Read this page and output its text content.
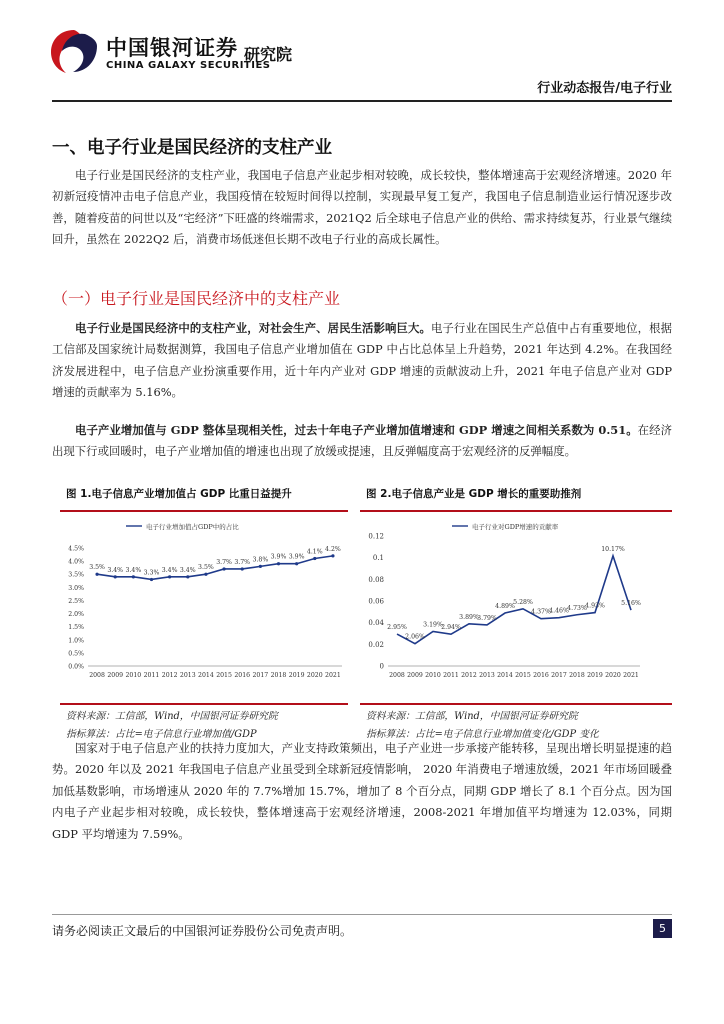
中国银河证券
CHINA GALAXY SECURITIES
研究院
行业动态报告/电子行业
一、电子行业是国民经济的支柱产业
电子行业是国民经济的支柱产业，我国电子信息产业起步相对较晚，成长较快，整体增速高于宏观经济增速。2020 年初新冠疫情冲击电子信息产业，我国疫情在较短时间得以控制，实现最早复工复产，我国电子信息制造业运行情况逐步改善，随着疫苗的问世以及“宅经济”下旺盛的终端需求，2021Q2 后全球电子信息产业的供给、需求持续复苏，行业景气继续回升，虽然在 2022Q2 后，消费市场低迷但长期不改电子行业的高成长属性。
（一）电子行业是国民经济中的支柱产业
电子行业是国民经济中的支柱产业，对社会生产、居民生活影响巨大。电子行业在国民生产总值中占有重要地位，根据工信部及国家统计局数据测算，我国电子信息产业增加值在 GDP 中占比总体呈上升趋势，2021 年达到 4.2%。在我国经济发展进程中，电子信息产业扮演重要作用，近十年内产业对 GDP 增速的贡献波动上升，2021 年电子信息产业对 GDP 增速的贡献率为 5.16%。
电子产业增加值与 GDP 整体呈现相关性，过去十年电子产业增加值增速和 GDP 增速之间相关系数为 0.51。在经济出现下行或回暖时，电子产业增加值的增速也出现了放缓或提速，且反弹幅度高于宏观经济的反弹幅度。
图 1.电子信息产业增加值占 GDP 比重日益提升	图 2.电子信息产业是 GDP 增长的重要助推剂
电子行业增加值占GDP中的占比
0.0%
0.5%
1.0%
1.5%
2.0%
2.5%
3.0%
3.5%
4.0%
4.5%
2008 2009 2010 2011 2012 2013 2014 2015 2016 2017 2018 2019 2020 2021
3.5% 3.4% 3.4% 3.3% 3.4% 3.4% 3.5%
3.7% 3.7% 3.8% 3.9% 3.9%
4.1% 4.2%
电子行业对GDP增速的贡献率
0
0.02
0.04
0.06
0.08
0.1
0.12
2008 2009 2010 2011 2012 2013 2014 2015 2016 2017 2018 2019 2020 2021
2.95%
2.06%
3.19%
2.94%
3.89%
3.79%
4.89%
5.28%
4.37%
4.46%
4.73%
4.93%
10.17%
5.16%
资料来源：工信部，Wind，中国银河证券研究院
指标算法：占比=电子信息行业增加值/GDP
资料来源：工信部，Wind，中国银河证券研究院
指标算法：占比=电子信息行业增加值变化/GDP 变化
国家对于电子信息产业的扶持力度加大，产业支持政策频出，电子产业进一步承接产能转移，呈现出增长明显提速的趋势。2020 年以及 2021 年我国电子信息产业虽受到全球新冠疫情影响， 2020 年消费电子增速放缓，2021 年市场回暖叠加低基数影响，市场增速从 2020 年的 7.7%增加 15.7%，增加了 8 个百分点，同期 GDP 增长了 8.1 个百分点。因为国内电子产业起步相对较晚，成长较快，整体增速高于宏观经济增速，2008-2021 年增加值平均增速为 12.03%，同期 GDP 平均增速为 7.59%。
请务必阅读正文最后的中国银河证券股份公司免责声明。	5
